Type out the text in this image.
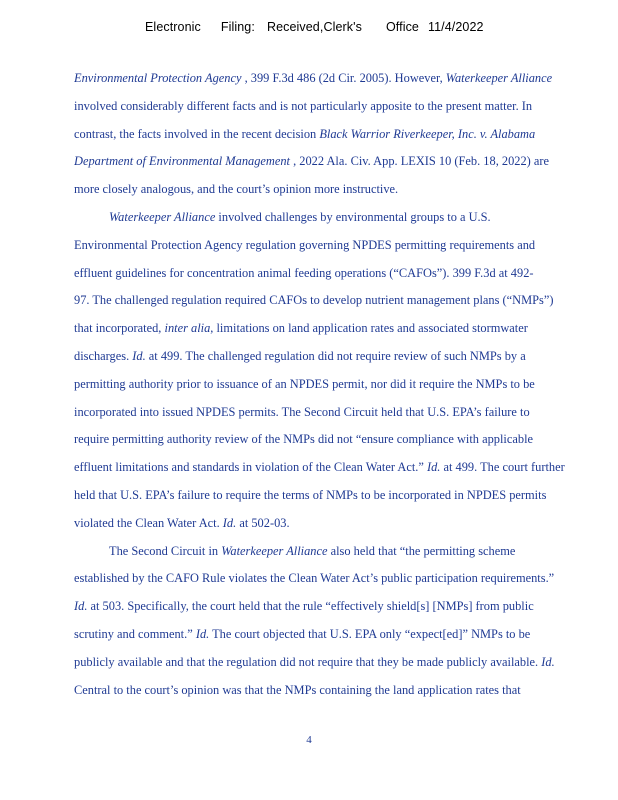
Electronic Filing: Received,Clerk's Office 11/4/2022
Environmental Protection Agency , 399 F.3d 486 (2d Cir. 2005). However, Waterkeeper Alliance
involved considerably different facts and is not particularly apposite to the present matter. In
contrast, the facts involved in the recent decision Black Warrior Riverkeeper, Inc. v. Alabama
Department of Environmental Management , 2022 Ala. Civ. App. LEXIS 10 (Feb. 18, 2022) are
more closely analogous, and the court’s opinion more instructive.
Waterkeeper Alliance involved challenges by environmental groups to a U.S.
Environmental Protection Agency regulation governing NPDES permitting requirements and
effluent guidelines for concentration animal feeding operations (“CAFOs”). 399 F.3d at 492-
97. The challenged regulation required CAFOs to develop nutrient management plans (“NMPs”)
that incorporated, inter alia, limitations on land application rates and associated stormwater
discharges. Id. at 499. The challenged regulation did not require review of such NMPs by a
permitting authority prior to issuance of an NPDES permit, nor did it require the NMPs to be
incorporated into issued NPDES permits. The Second Circuit held that U.S. EPA’s failure to
require permitting authority review of the NMPs did not “ensure compliance with applicable
effluent limitations and standards in violation of the Clean Water Act.” Id. at 499. The court further
held that U.S. EPA’s failure to require the terms of NMPs to be incorporated in NPDES permits
violated the Clean Water Act. Id. at 502-03.
The Second Circuit in Waterkeeper Alliance also held that “the permitting scheme
established by the CAFO Rule violates the Clean Water Act’s public participation requirements.”
Id. at 503. Specifically, the court held that the rule “effectively shield[s] [NMPs] from public
scrutiny and comment.” Id. The court objected that U.S. EPA only “expect[ed]” NMPs to be
publicly available and that the regulation did not require that they be made publicly available. Id.
Central to the court’s opinion was that the NMPs containing the land application rates that
4
